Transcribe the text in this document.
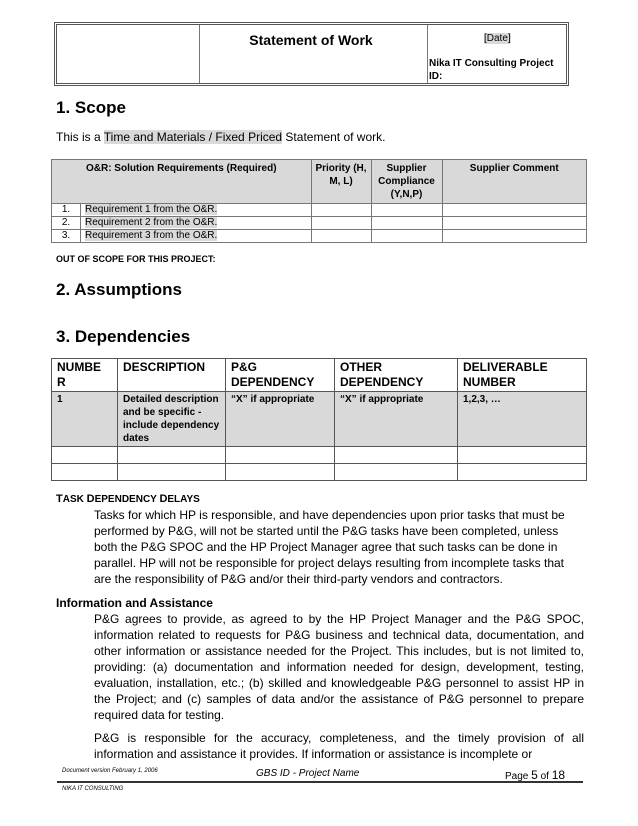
Statement of Work	[Date]
Nika IT Consulting Project ID:
1. Scope
This is a Time and Materials / Fixed Priced Statement of work.
O&R: Solution Requirements (Required)		Priority (H, M, L)	Supplier Compliance (Y,N,P)	Supplier Comment
1.	Requirement 1 from the O&R.			
2.	Requirement 2 from the O&R.			
3.	Requirement 3 from the O&R.			
OUT OF SCOPE FOR THIS PROJECT:
2. Assumptions
3. Dependencies
NUMBE R	DESCRIPTION	P&G DEPENDENCY	OTHER DEPENDENCY	DELIVERABLE NUMBER
1	Detailed description and be specific - include dependency dates	“X” if appropriate	“X” if appropriate	1,2,3, …

TASK DEPENDENCY DELAYS

Tasks for which HP is responsible, and have dependencies upon prior tasks that must be performed by P&G, will not be started until the P&G tasks have been completed, unless both the P&G SPOC and the HP Project Manager agree that such tasks can be done in parallel. HP will not be responsible for project delays resulting from incomplete tasks that are the responsibility of P&G and/or their third-party vendors and contractors.

Information and Assistance

P&G agrees to provide, as agreed to by the HP Project Manager and the P&G SPOC, information related to requests for P&G business and technical data, documentation, and other information or assistance needed for the Project. This includes, but is not limited to, providing: (a) documentation and information needed for design, development, testing, evaluation, installation, etc.; (b) skilled and knowledgeable P&G personnel to assist HP in the Project; and (c) samples of data and/or the assistance of P&G personnel to prepare required data for testing.

P&G is responsible for the accuracy, completeness, and the timely provision of all information and assistance it provides. If information or assistance is incomplete or

Document version February 1, 2006	GBS ID - Project Name	Page 5 of 18
NIKA IT CONSULTING
